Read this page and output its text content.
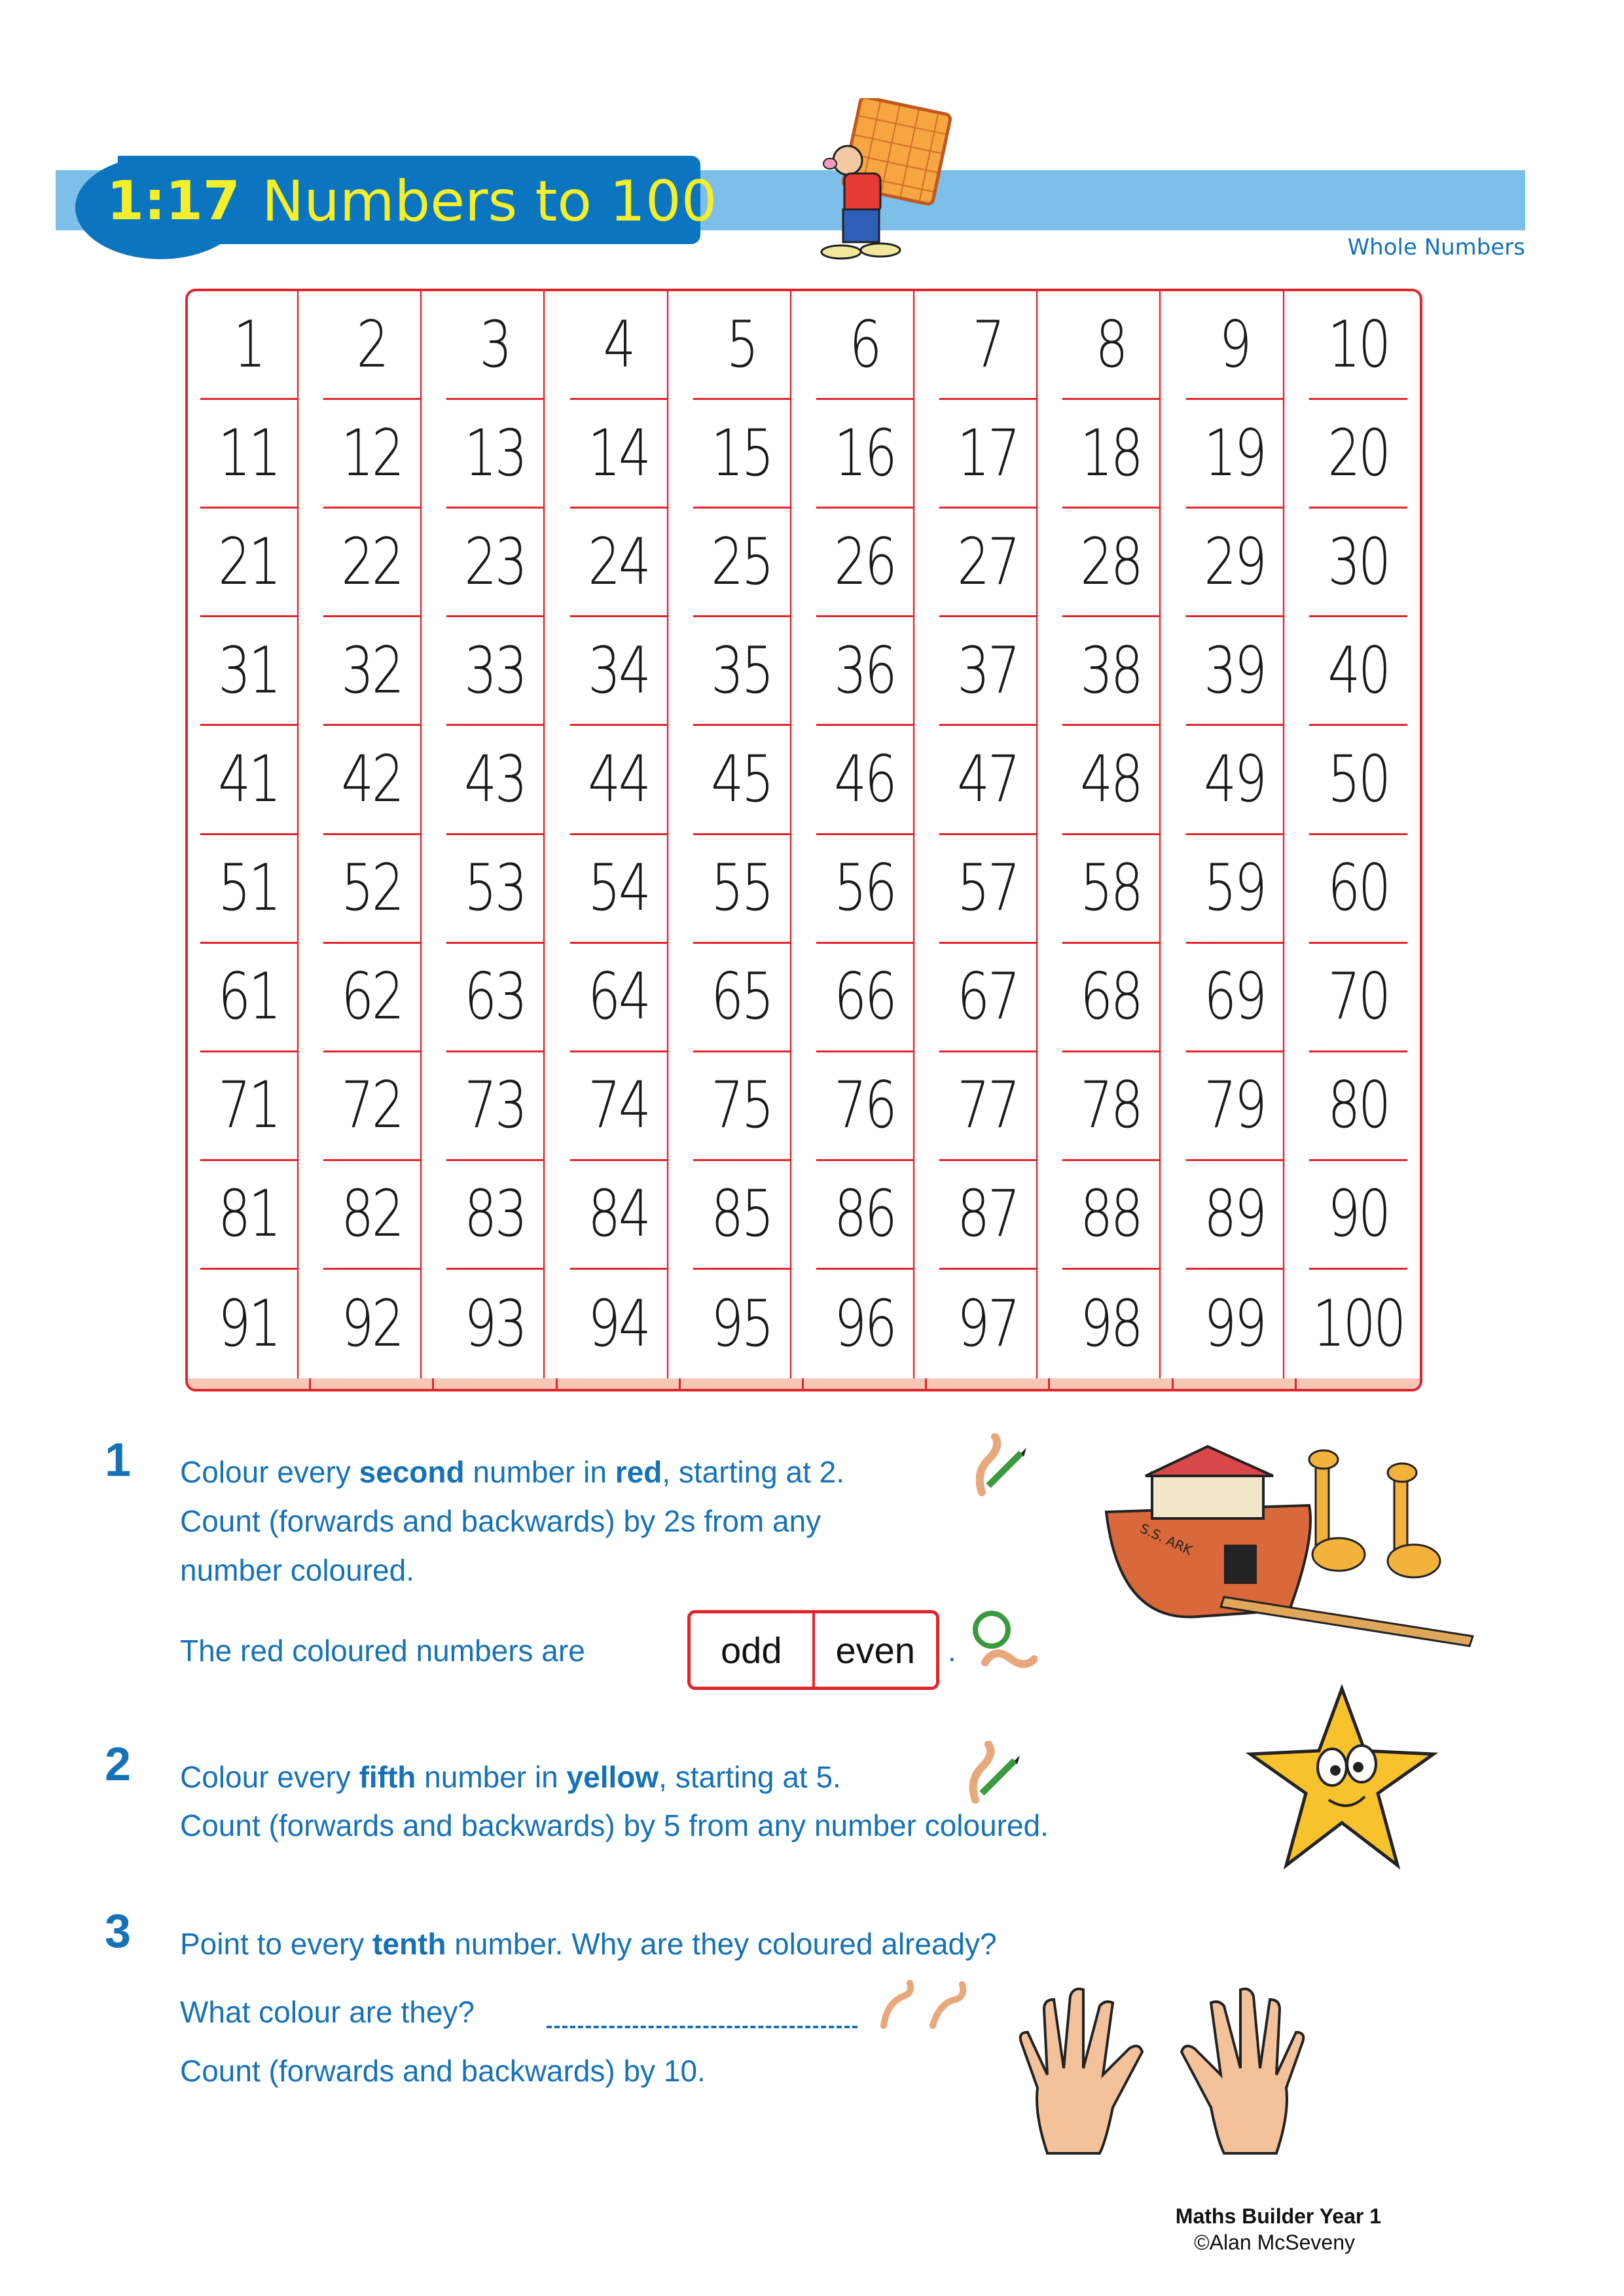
1:17 Numbers to 100
Whole Numbers
1	2	3	4	5	6	7	8	9	10
11 12 13 14 15 16 17 18 19 20
21 22 23 24 25 26 27 28 29 30
31 32 33 34 35 36 37 38 39 40
41 42 43 44 45 46 47 48 49 50
51 52 53 54 55 56 57 58 59 60
61 62 63 64 65 66 67 68 69 70
71 72 73 74 75 76 77 78 79 80
81 82 83 84 85 86 87 88 89 90
91 92 93 94 95 96 97 98 99 100
1 Colour every second number in red, starting at 2.
Count (forwards and backwards) by 2s from any
number coloured.
The red coloured numbers are	odd	even	.
S.S. ARK
2 Colour every fifth number in yellow, starting at 5.
Count (forwards and backwards) by 5 from any number coloured.
3 Point to every tenth number. Why are they coloured already?
What colour are they?
Count (forwards and backwards) by 10.
Maths Builder Year 1
©Alan McSeveny
